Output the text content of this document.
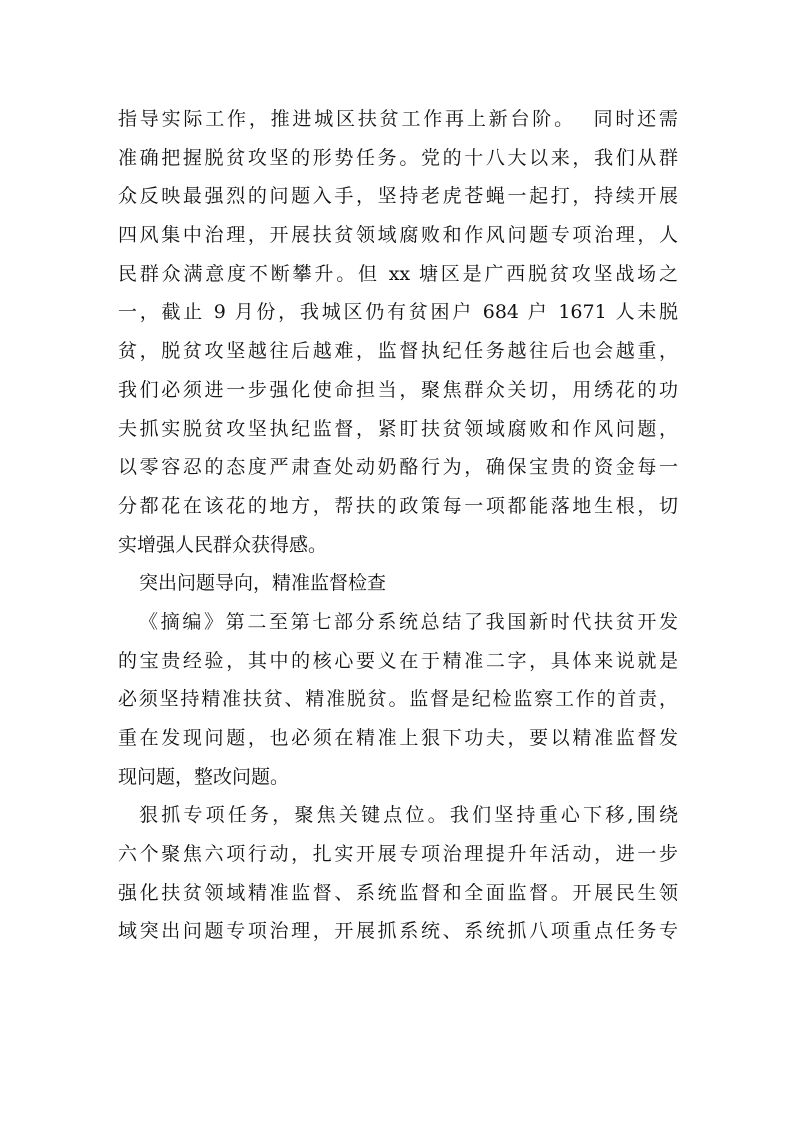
指导实际工作，推进城区扶贫工作再上新台阶。  同时还需
准确把握脱贫攻坚的形势任务。党的十八大以来，我们从群
众反映最强烈的问题入手，坚持老虎苍蝇一起打，持续开展
四风集中治理，开展扶贫领域腐败和作风问题专项治理，人
民群众满意度不断攀升。但 xx 塘区是广西脱贫攻坚战场之
一，截止 9 月份，我城区仍有贫困户 684 户 1671 人未脱
贫，脱贫攻坚越往后越难，监督执纪任务越往后也会越重，
我们必须进一步强化使命担当，聚焦群众关切，用绣花的功
夫抓实脱贫攻坚执纪监督，紧盯扶贫领域腐败和作风问题，
以零容忍的态度严肃查处动奶酪行为，确保宝贵的资金每一
分都花在该花的地方，帮扶的政策每一项都能落地生根，切
实增强人民群众获得感。
突出问题导向，精准监督检查
《摘编》第二至第七部分系统总结了我国新时代扶贫开发
的宝贵经验，其中的核心要义在于精准二字，具体来说就是
必须坚持精准扶贫、精准脱贫。监督是纪检监察工作的首责，
重在发现问题，也必须在精准上狠下功夫，要以精准监督发
现问题，整改问题。
狠抓专项任务，聚焦关键点位。我们坚持重心下移,围绕
六个聚焦六项行动，扎实开展专项治理提升年活动，进一步
强化扶贫领域精准监督、系统监督和全面监督。开展民生领
域突出问题专项治理，开展抓系统、系统抓八项重点任务专
